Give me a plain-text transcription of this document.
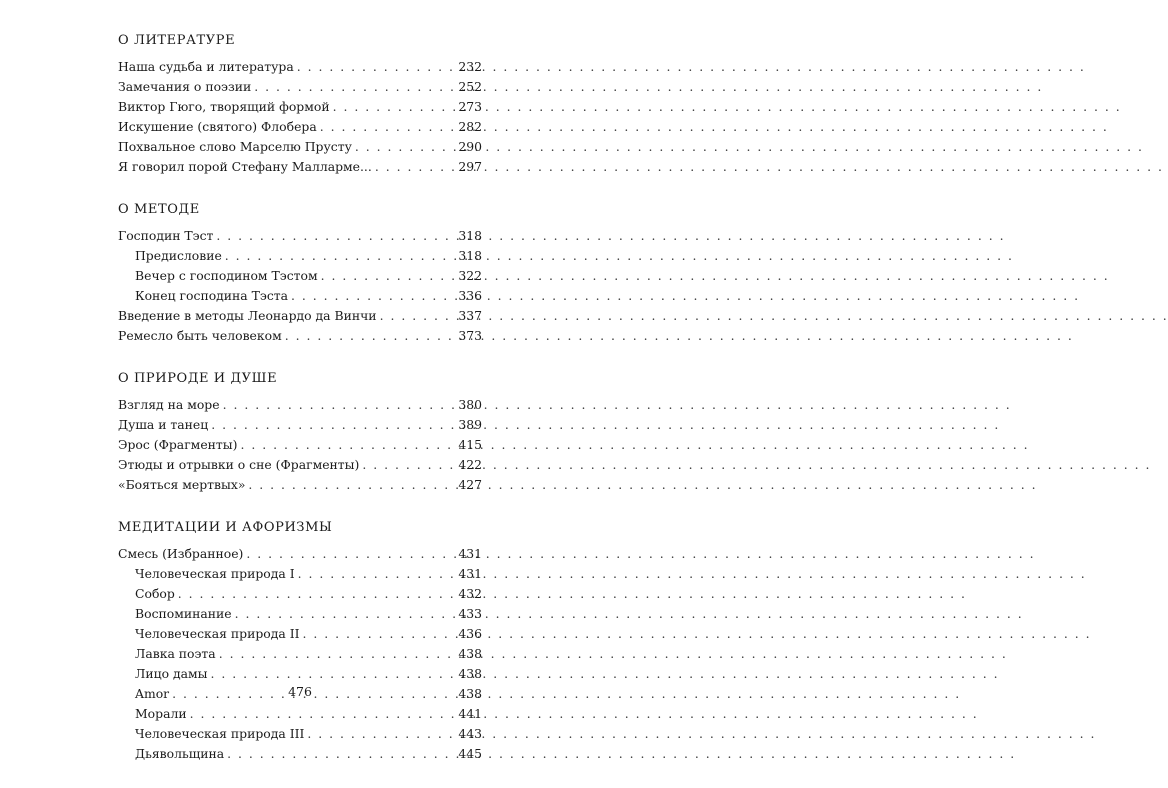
О ЛИТЕРАТУРЕ
Наша судьба и литература . . .	232
Замечания о поэзии . . .	252
Виктор Гюго, творящий формой . . .	273
Искушение (святого) Флобера . . .	282
Похвальное слово Марселю Прусту . . .	290
Я говорил порой Стефану Малларме... . . .	297
О МЕТОДЕ
Господин Тэст . . .	318
Предисловие . . .	318
Вечер с господином Тэстом . . .	322
Конец господина Тэста . . .	336
Введение в методы Леонардо да Винчи . . .	337
Ремесло быть человеком . . .	373
О ПРИРОДЕ И ДУШЕ
Взгляд на море . . .	380
Душа и танец . . .	389
Эрос (Фрагменты) . . .	415
Этюды и отрывки о сне (Фрагменты) . . .	422
«Бояться мертвых» . . .	427
МЕДИТАЦИИ И АФОРИЗМЫ
Смесь (Избранное) . . .	431
Человеческая природа I . . .	431
Собор . . .	432
Воспоминание . . .	433
Человеческая природа II . . .	436
Лавка поэта . . .	438
Лицо дамы . . .	438
Amor . . .	438
Морали . . .	441
Человеческая природа III . . .	443
Дьявольщина . . .	445
476
